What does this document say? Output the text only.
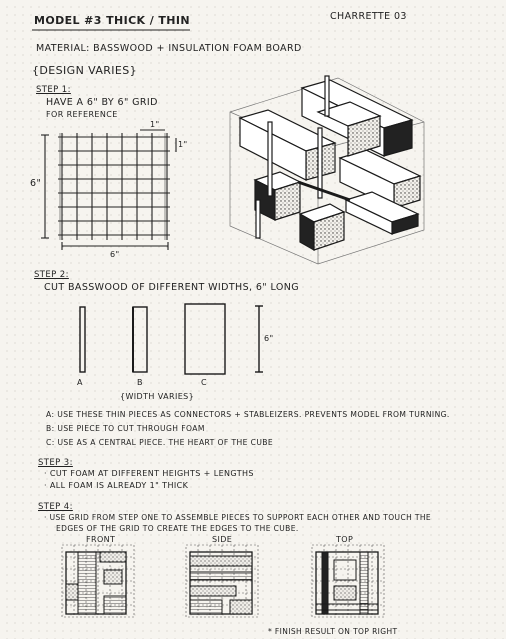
MODEL #3 THICK / THIN	CHARRETTE 03
MATERIAL: BASSWOOD + INSULATION FOAM BOARD
{DESIGN VARIES}
STEP 1:
HAVE A 6" BY 6" GRID
FOR REFERENCE
1"
1"
6"
6"
STEP 2:
CUT BASSWOOD OF DIFFERENT WIDTHS, 6" LONG
6"
A	B	C
{WIDTH VARIES}
A: USE THESE THIN PIECES AS CONNECTORS + STABLEIZERS. PREVENTS MODEL FROM TURNING.
B: USE PIECE TO CUT THROUGH FOAM
C: USE AS A CENTRAL PIECE. THE HEART OF THE CUBE
STEP 3:
· CUT FOAM AT DIFFERENT HEIGHTS + LENGTHS
· ALL FOAM IS ALREADY 1" THICK
STEP 4:
· USE GRID FROM STEP ONE TO ASSEMBLE PIECES TO SUPPORT EACH OTHER AND TOUCH THE
EDGES OF THE GRID TO CREATE THE EDGES TO THE CUBE.
FRONT	SIDE	TOP
* FINISH RESULT ON TOP RIGHT
